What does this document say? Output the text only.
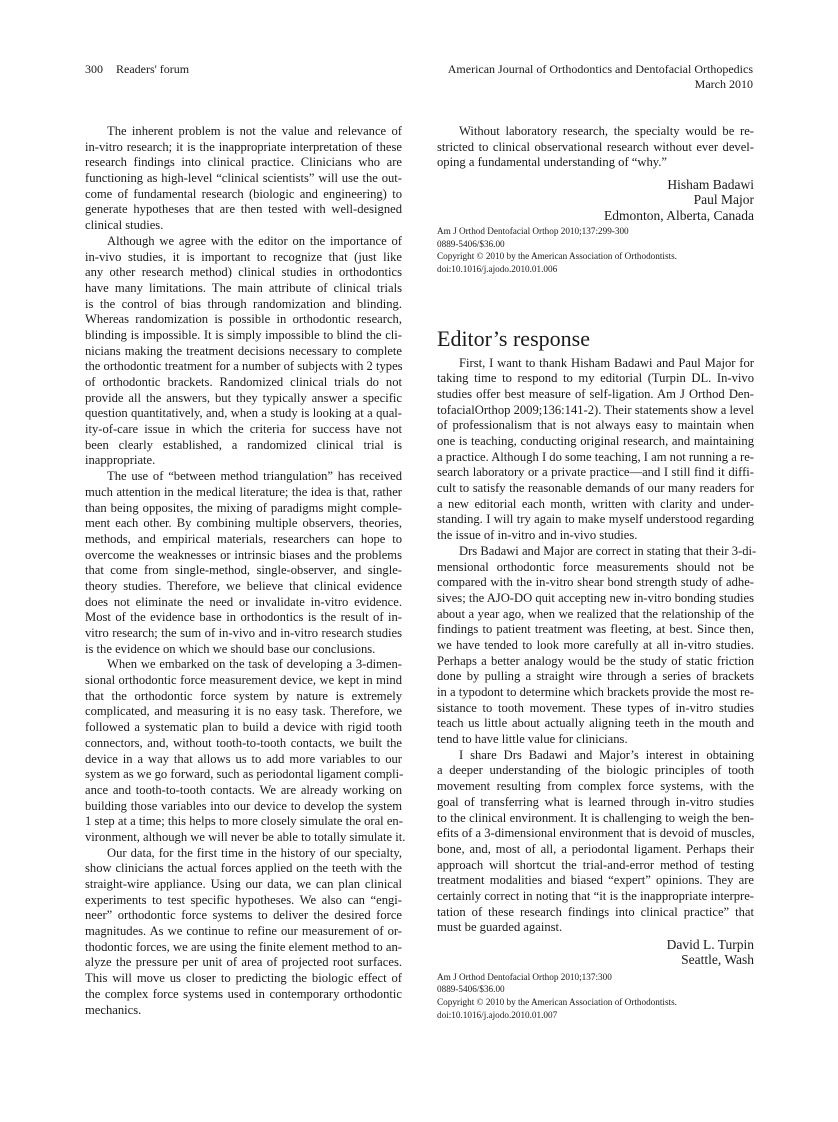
300 Readers' forum	American Journal of Orthodontics and Dentofacial Orthopedics
March 2010
The inherent problem is not the value and relevance of
in-vitro research; it is the inappropriate interpretation of these
research findings into clinical practice. Clinicians who are
functioning as high-level “clinical scientists” will use the out-
come of fundamental research (biologic and engineering) to
generate hypotheses that are then tested with well-designed
clinical studies.
Although we agree with the editor on the importance of
in-vivo studies, it is important to recognize that (just like
any other research method) clinical studies in orthodontics
have many limitations. The main attribute of clinical trials
is the control of bias through randomization and blinding.
Whereas randomization is possible in orthodontic research,
blinding is impossible. It is simply impossible to blind the cli-
nicians making the treatment decisions necessary to complete
the orthodontic treatment for a number of subjects with 2 types
of orthodontic brackets. Randomized clinical trials do not
provide all the answers, but they typically answer a specific
question quantitatively, and, when a study is looking at a qual-
ity-of-care issue in which the criteria for success have not
been clearly established, a randomized clinical trial is
inappropriate.
The use of “between method triangulation” has received
much attention in the medical literature; the idea is that, rather
than being opposites, the mixing of paradigms might comple-
ment each other. By combining multiple observers, theories,
methods, and empirical materials, researchers can hope to
overcome the weaknesses or intrinsic biases and the problems
that come from single-method, single-observer, and single-
theory studies. Therefore, we believe that clinical evidence
does not eliminate the need or invalidate in-vitro evidence.
Most of the evidence base in orthodontics is the result of in-
vitro research; the sum of in-vivo and in-vitro research studies
is the evidence on which we should base our conclusions.
When we embarked on the task of developing a 3-dimen-
sional orthodontic force measurement device, we kept in mind
that the orthodontic force system by nature is extremely
complicated, and measuring it is no easy task. Therefore, we
followed a systematic plan to build a device with rigid tooth
connectors, and, without tooth-to-tooth contacts, we built the
device in a way that allows us to add more variables to our
system as we go forward, such as periodontal ligament compli-
ance and tooth-to-tooth contacts. We are already working on
building those variables into our device to develop the system
1 step at a time; this helps to more closely simulate the oral en-
vironment, although we will never be able to totally simulate it.
Our data, for the first time in the history of our specialty,
show clinicians the actual forces applied on the teeth with the
straight-wire appliance. Using our data, we can plan clinical
experiments to test specific hypotheses. We also can “engi-
neer” orthodontic force systems to deliver the desired force
magnitudes. As we continue to refine our measurement of or-
thodontic forces, we are using the finite element method to an-
alyze the pressure per unit of area of projected root surfaces.
This will move us closer to predicting the biologic effect of
the complex force systems used in contemporary orthodontic
mechanics.
Without laboratory research, the specialty would be re-
stricted to clinical observational research without ever devel-
oping a fundamental understanding of “why.”
Hisham Badawi
Paul Major
Edmonton, Alberta, Canada
Am J Orthod Dentofacial Orthop 2010;137:299-300
0889-5406/$36.00
Copyright © 2010 by the American Association of Orthodontists.
doi:10.1016/j.ajodo.2010.01.006
Editor’s response
First, I want to thank Hisham Badawi and Paul Major for
taking time to respond to my editorial (Turpin DL. In-vivo
studies offer best measure of self-ligation. Am J Orthod Den-
tofacialOrthop 2009;136:141-2). Their statements show a level
of professionalism that is not always easy to maintain when
one is teaching, conducting original research, and maintaining
a practice. Although I do some teaching, I am not running a re-
search laboratory or a private practice—and I still find it diffi-
cult to satisfy the reasonable demands of our many readers for
a new editorial each month, written with clarity and under-
standing. I will try again to make myself understood regarding
the issue of in-vitro and in-vivo studies.
Drs Badawi and Major are correct in stating that their 3-di-
mensional orthodontic force measurements should not be
compared with the in-vitro shear bond strength study of adhe-
sives; the AJO-DO quit accepting new in-vitro bonding studies
about a year ago, when we realized that the relationship of the
findings to patient treatment was fleeting, at best. Since then,
we have tended to look more carefully at all in-vitro studies.
Perhaps a better analogy would be the study of static friction
done by pulling a straight wire through a series of brackets
in a typodont to determine which brackets provide the most re-
sistance to tooth movement. These types of in-vitro studies
teach us little about actually aligning teeth in the mouth and
tend to have little value for clinicians.
I share Drs Badawi and Major’s interest in obtaining
a deeper understanding of the biologic principles of tooth
movement resulting from complex force systems, with the
goal of transferring what is learned through in-vitro studies
to the clinical environment. It is challenging to weigh the ben-
efits of a 3-dimensional environment that is devoid of muscles,
bone, and, most of all, a periodontal ligament. Perhaps their
approach will shortcut the trial-and-error method of testing
treatment modalities and biased “expert” opinions. They are
certainly correct in noting that “it is the inappropriate interpre-
tation of these research findings into clinical practice” that
must be guarded against.
David L. Turpin
Seattle, Wash
Am J Orthod Dentofacial Orthop 2010;137:300
0889-5406/$36.00
Copyright © 2010 by the American Association of Orthodontists.
doi:10.1016/j.ajodo.2010.01.007
